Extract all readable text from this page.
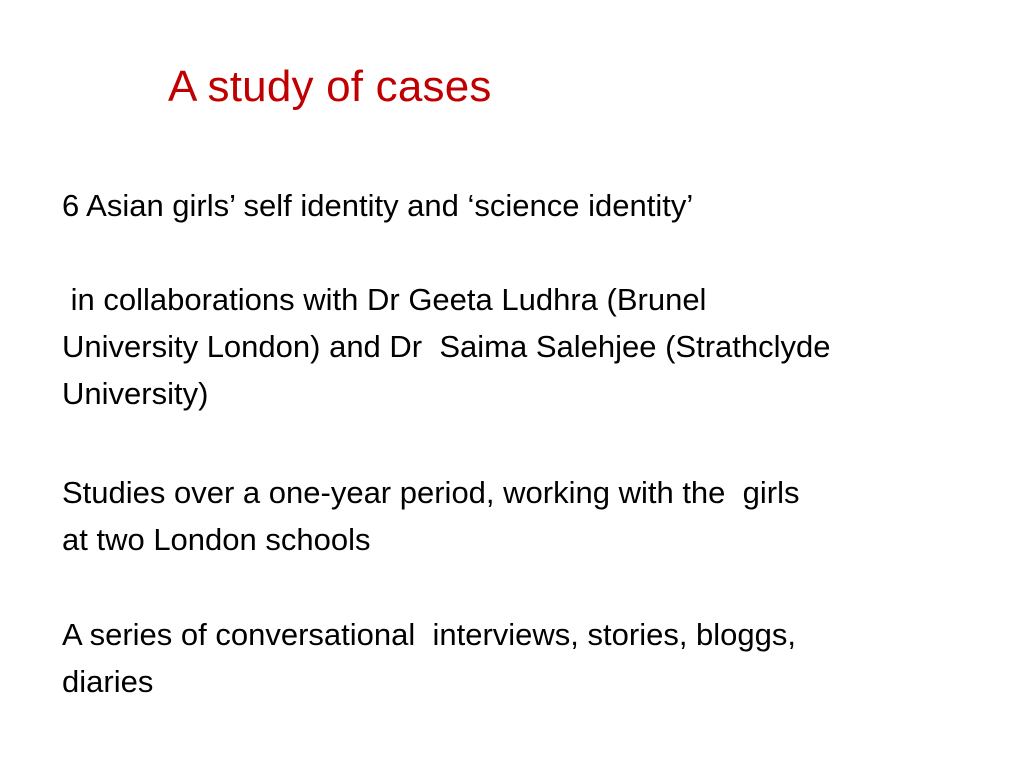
A study of cases
6 Asian girls’ self identity and ‘science identity’
in collaborations with Dr Geeta Ludhra (Brunel
University London) and Dr  Saima Salehjee (Strathclyde
University)
Studies over a one-year period, working with the  girls
at two London schools
A series of conversational  interviews, stories, bloggs,
diaries
